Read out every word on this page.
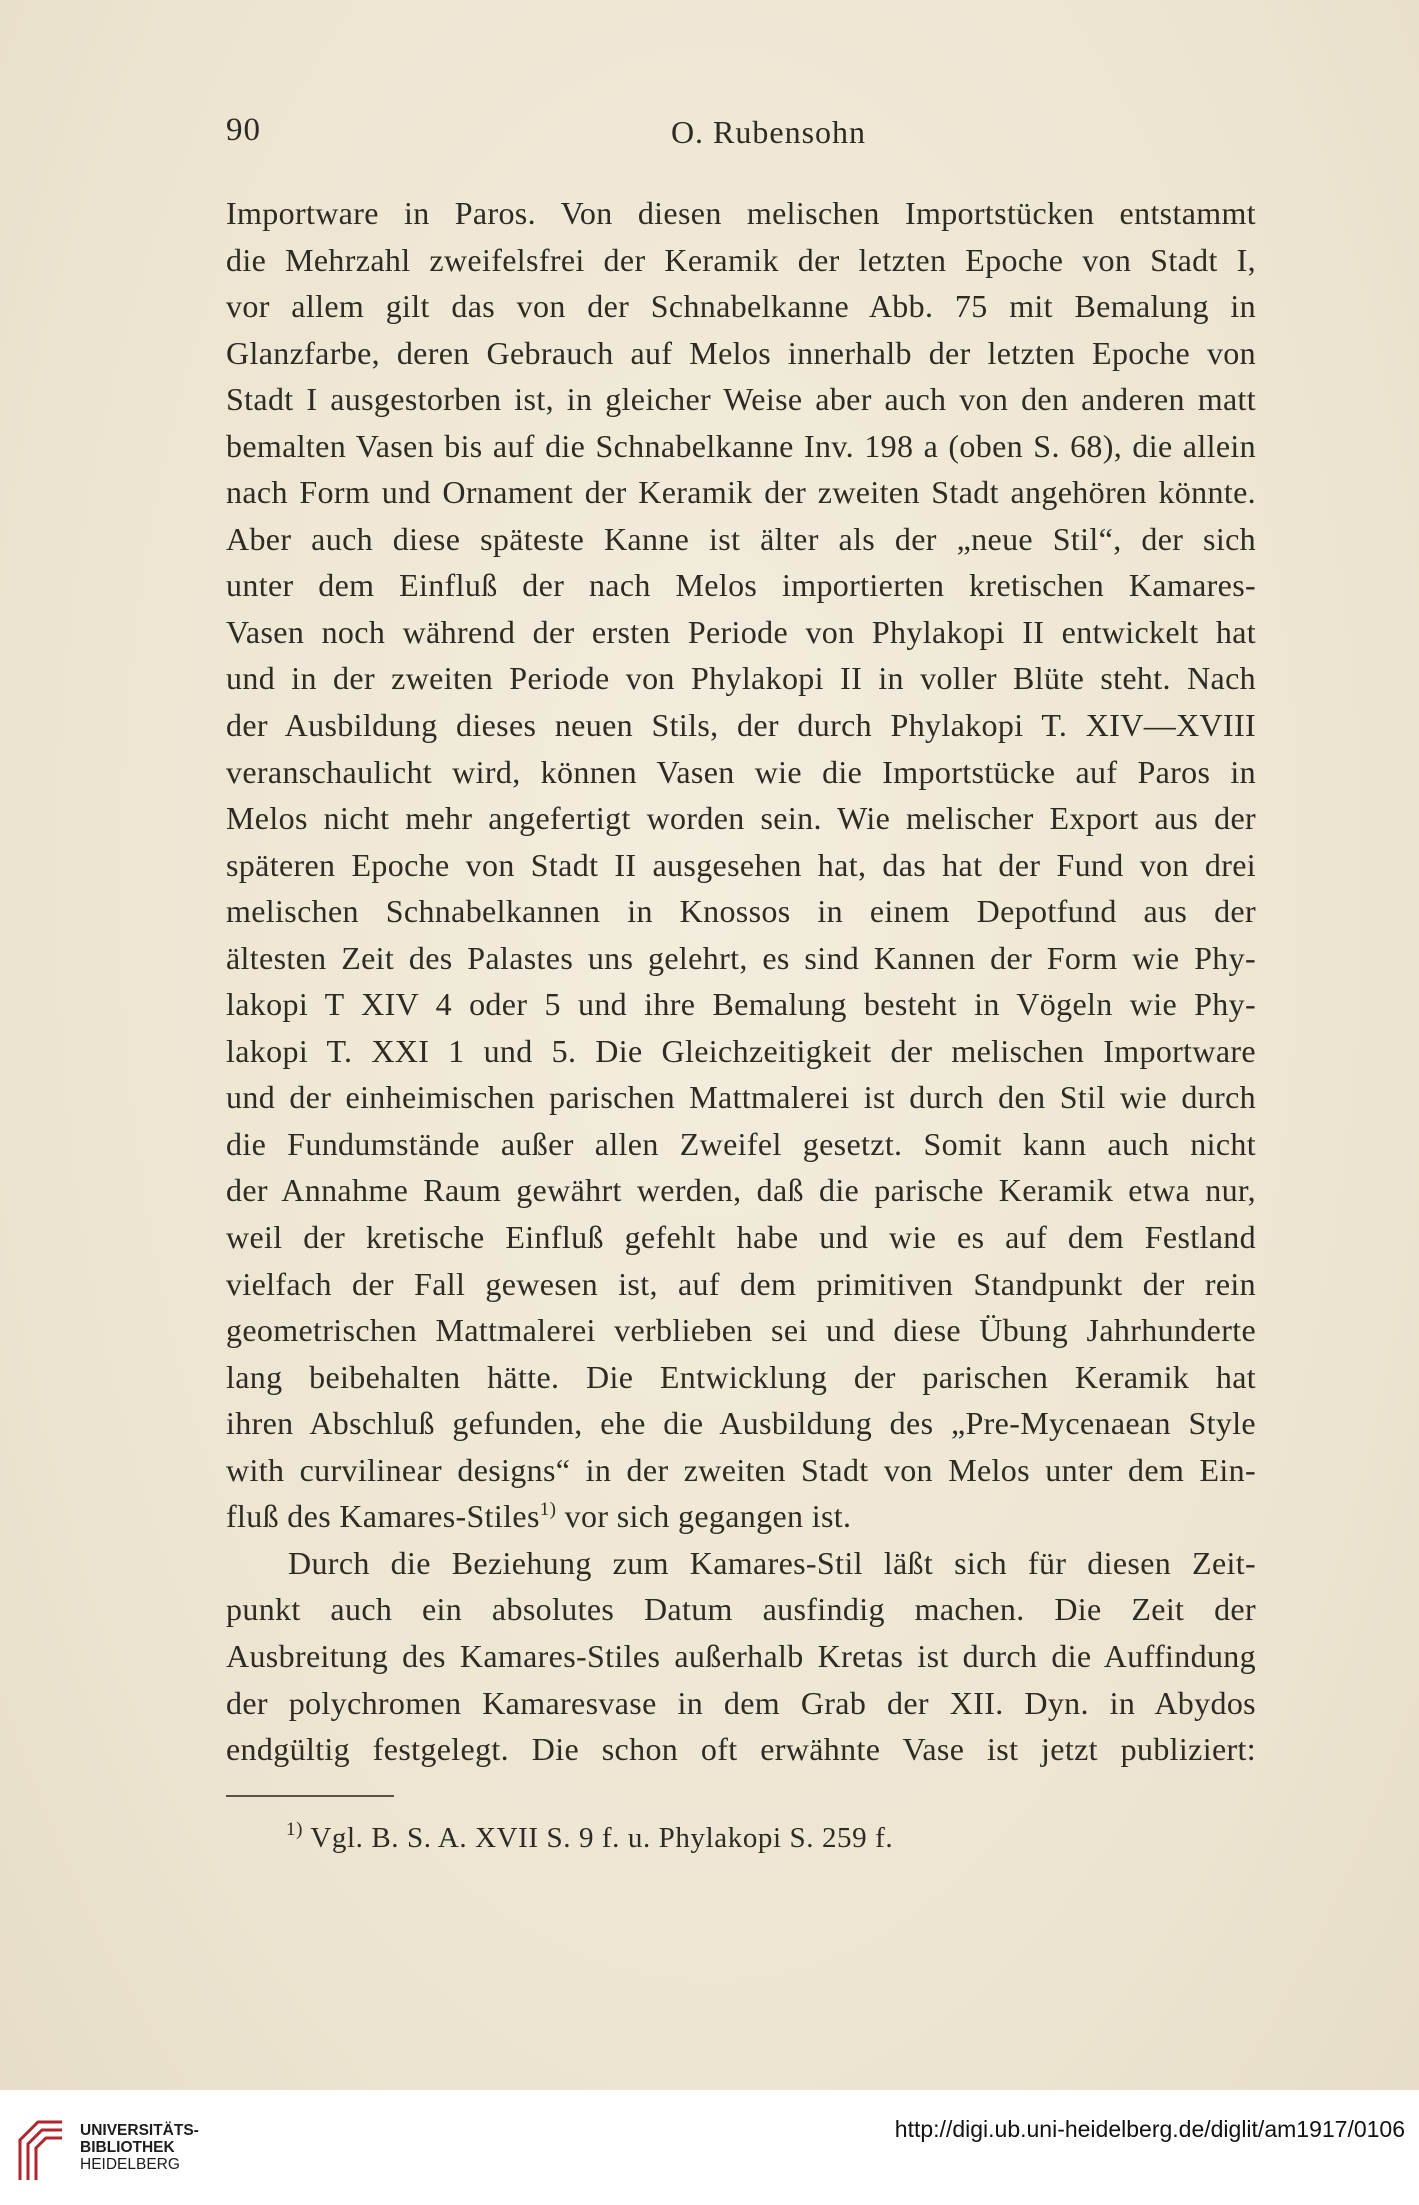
90	O. Rubensohn
Importware in Paros. Von diesen melischen Importstücken entstammt
die Mehrzahl zweifelsfrei der Keramik der letzten Epoche von Stadt I,
vor allem gilt das von der Schnabelkanne Abb. 75 mit Bemalung in
Glanzfarbe, deren Gebrauch auf Melos innerhalb der letzten Epoche von
Stadt I ausgestorben ist, in gleicher Weise aber auch von den anderen matt
bemalten Vasen bis auf die Schnabelkanne Inv. 198 a (oben S. 68), die allein
nach Form und Ornament der Keramik der zweiten Stadt angehören könnte.
Aber auch diese späteste Kanne ist älter als der „neue Stil“, der sich
unter dem Einfluß der nach Melos importierten kretischen Kamares-
Vasen noch während der ersten Periode von Phylakopi II entwickelt hat
und in der zweiten Periode von Phylakopi II in voller Blüte steht. Nach
der Ausbildung dieses neuen Stils, der durch Phylakopi T. XIV—XVIII
veranschaulicht wird, können Vasen wie die Importstücke auf Paros in
Melos nicht mehr angefertigt worden sein. Wie melischer Export aus der
späteren Epoche von Stadt II ausgesehen hat, das hat der Fund von drei
melischen Schnabelkannen in Knossos in einem Depotfund aus der
ältesten Zeit des Palastes uns gelehrt, es sind Kannen der Form wie Phy-
lakopi T XIV 4 oder 5 und ihre Bemalung besteht in Vögeln wie Phy-
lakopi T. XXI 1 und 5. Die Gleichzeitigkeit der melischen Importware
und der einheimischen parischen Mattmalerei ist durch den Stil wie durch
die Fundumstände außer allen Zweifel gesetzt. Somit kann auch nicht
der Annahme Raum gewährt werden, daß die parische Keramik etwa nur,
weil der kretische Einfluß gefehlt habe und wie es auf dem Festland
vielfach der Fall gewesen ist, auf dem primitiven Standpunkt der rein
geometrischen Mattmalerei verblieben sei und diese Übung Jahrhunderte
lang beibehalten hätte. Die Entwicklung der parischen Keramik hat
ihren Abschluß gefunden, ehe die Ausbildung des „Pre-Mycenaean Style
with curvilinear designs“ in der zweiten Stadt von Melos unter dem Ein-
fluß des Kamares-Stiles$^{1)}$ vor sich gegangen ist.
Durch die Beziehung zum Kamares-Stil läßt sich für diesen Zeit-
punkt auch ein absolutes Datum ausfindig machen. Die Zeit der
Ausbreitung des Kamares-Stiles außerhalb Kretas ist durch die Auffindung
der polychromen Kamaresvase in dem Grab der XII. Dyn. in Abydos
endgültig festgelegt. Die schon oft erwähnte Vase ist jetzt publiziert:
$^{1)}$ Vgl. B. S. A. XVII S. 9 f. u. Phylakopi S. 259 f.
UNIVERSITÄTS-
BIBLIOTHEK
HEIDELBERG
http://digi.ub.uni-heidelberg.de/diglit/am1917/0106
